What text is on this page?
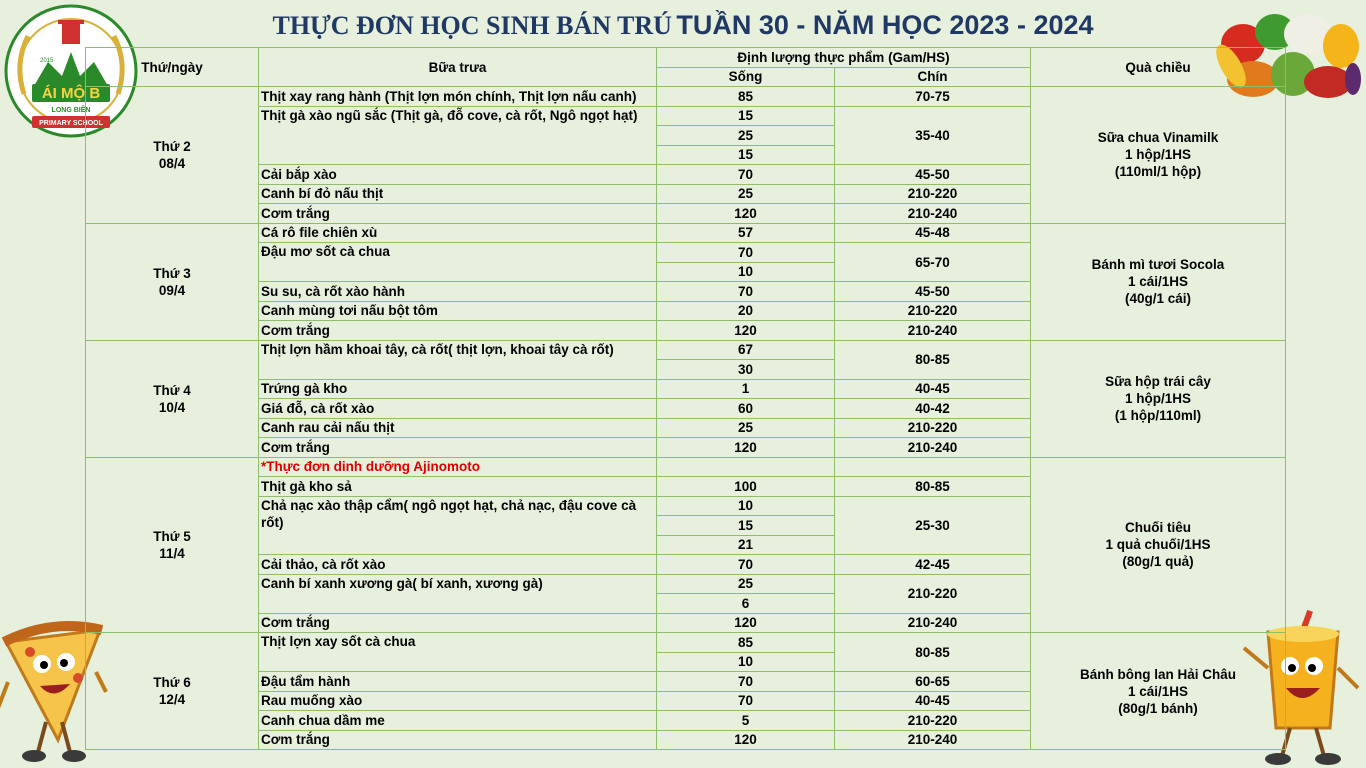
THỰC ĐƠN HỌC SINH BÁN TRÚ TUẦN 30 - NĂM HỌC 2023 - 2024
ÁI MỘ B
LONG BIÊN
2015
PRIMARY SCHOOL
Thứ/ngày	Bữa trưa	Định lượng thực phẩm (Gam/HS)		Quà chiều
		Sống	Chín	

Thứ 2
08/4	Thịt xay rang hành (Thịt lợn món chính, Thịt lợn nấu canh)	85	70-75	Sữa chua Vinamilk
1 hộp/1HS
(110ml/1 hộp)

	Thịt gà xào ngũ sắc (Thịt gà, đỗ cove, cà rốt, Ngô ngọt hạt)	15	35-40	
		25		
		15		
	Cải bắp xào	70	45-50	
	Canh bí đỏ nấu thịt	25	210-220	
	Cơm trắng	120	210-240	

Thứ 3
09/4	Cá rô file chiên xù	57	45-48	Bánh mì tươi Socola
1 cái/1HS
(40g/1 cái)

	Đậu mơ sốt cà chua	70	65-70	
		10		
	Su su, cà rốt xào hành	70	45-50	
	Canh mùng tơi nấu bột tôm	20	210-220	
	Cơm trắng	120	210-240	

Thứ 4
10/4	Thịt lợn hầm khoai tây, cà rốt( thịt lợn, khoai tây cà rốt)	67	80-85	Sữa hộp trái cây
1 hộp/1HS
(1 hộp/110ml)

		30		
	Trứng gà kho	1	40-45	
	Giá đỗ, cà rốt xào	60	40-42	
	Canh rau cải nấu thịt	25	210-220	
	Cơm trắng	120	210-240	

Thứ 5
11/4	*Thực đơn dinh dưỡng Ajinomoto			Chuối tiêu
1 quả chuối/1HS
(80g/1 quả)

	Thịt gà kho sả	100	80-85	
	Chả nạc xào thập cẩm( ngô ngọt hạt, chả nạc, đậu cove cà rốt)	10	25-30	
		15		
		21		
	Cải thảo, cà rốt xào	70	42-45	
	Canh bí xanh xương gà( bí xanh, xương gà)	25	210-220	
		6		
	Cơm trắng	120	210-240	

Thứ 6
12/4	Thịt lợn xay sốt cà chua	85	80-85	Bánh bông lan Hải Châu
1 cái/1HS
(80g/1 bánh)

		10		
	Đậu tẩm hành	70	60-65	
	Rau muống xào	70	40-45	
	Canh chua dầm me	5	210-220	
	Cơm trắng	120	210-240	
